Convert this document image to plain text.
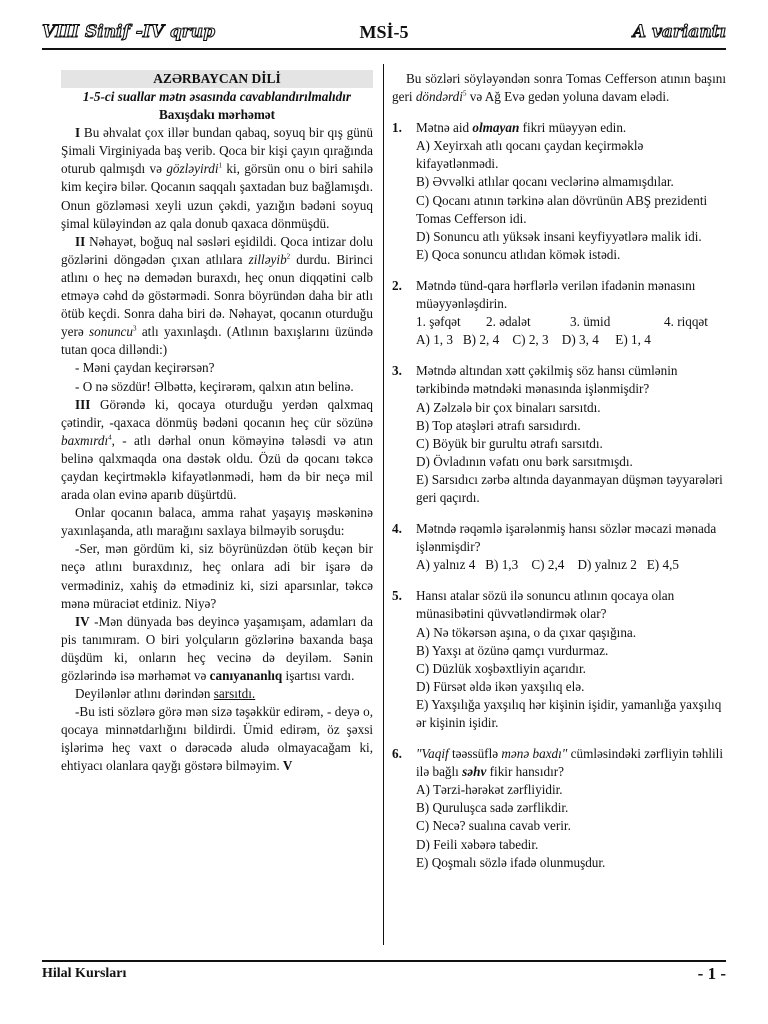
VIII Sinif -IV qrup	MSİ-5	A variantı
AZƏRBAYCAN DİLİ
1-5-ci suallar mətn əsasında cavablandırılmalıdır
Baxışdakı mərhəmət

I Bu əhvalat çox illər bundan qabaq, soyuq bir qış günü Şimali Virginiyada baş verib. Qoca bir kişi çayın qırağında oturub qalmışdı və gözləyirdi$^1$ ki, görsün onu o biri sahilə kim keçirə bilər. Qocanın saqqalı şaxtadan buz bağlamışdı. Onun gözləməsi xeyli uzun çəkdi, yazığın bədəni soyuq şimal küləyindən az qala donub qaxaca dönmüşdü.

II Nəhayət, boğuq nal səsləri eşidildi. Qoca intizar dolu gözlərini döngədən çıxan atlılara zilləyib$^2$ durdu. Birinci atlını o heç nə demədən buraxdı, heç onun diqqətini cəlb etməyə cəhd də göstərmədi. Sonra böyründən daha bir atlı ötüb keçdi. Sonra daha biri də. Nəhayət, qocanın oturduğu yerə sonuncu$^3$ atlı yaxınlaşdı. (Atlının baxışlarını üzündə tutan qoca dilləndi:)

- Məni çaydan keçirərsən?

- O nə sözdür! Əlbəttə, keçirərəm, qalxın atın belinə.

III Görəndə ki, qocaya oturduğu yerdən qalxmaq çətindir, -qaxaca dönmüş bədəni qocanın heç cür sözünə baxmırdı$^4$, - atlı dərhal onun köməyinə tələsdi və atın belinə qalxmaqda ona dəstək oldu. Özü də qocanı təkcə çaydan keçirtməklə kifayətlənmədi, həm də bir neçə mil arada olan evinə aparıb düşürtdü.

Onlar qocanın balaca, amma rahat yaşayış məskəninə yaxınlaşanda, atlı marağını saxlaya bilməyib soruşdu:

-Ser, mən gördüm ki, siz böyrünüzdən ötüb keçən bir neçə atlını buraxdınız, heç onlara adi bir işarə də vermədiniz, xahiş də etmədiniz ki, sizi aparsınlar, təkcə mənə müraciət etdiniz. Niyə?

IV -Mən dünyada bəs deyincə yaşamışam, adamları da pis tanımıram. O biri yolçuların gözlərinə baxanda başa düşdüm ki, onların heç vecinə də deyiləm. Sənin gözlərində isə mərhəmət və canıyananlıq işartısı vardı.

Deyilənlər atlını dərindən sarsıtdı.

-Bu isti sözlərə görə mən sizə təşəkkür edirəm, - deyə o, qocaya minnətdarlığını bildirdi. Ümid edirəm, öz şəxsi işlərimə heç vaxt o dərəcədə aludə olmayacağam ki, ehtiyacı olanlara qayğı göstərə bilməyim. V

Bu sözləri söyləyəndən sonra Tomas Cefferson atının başını geri döndərdi$^5$ və Ağ Evə gedən yoluna davam elədi.

1. Mətnə aid olmayan fikri müəyyən edin.
A) Xeyirxah atlı qocanı çaydan keçirməklə kifayətlənmədi.
B) Əvvəlki atlılar qocanı veclərinə almamışdılar.
C) Qocanı atının tərkinə alan dövrünün ABŞ prezidenti Tomas Cefferson idi.
D) Sonuncu atlı yüksək insani keyfiyyətlərə malik idi.
E) Qoca sonuncu atlıdan kömək istədi.
2. Mətndə tünd-qara hərflərlə verilən ifadənin mənasını müəyyənləşdirin.
1. şəfqət 2. ədalət	3. ümid	4. riqqət
A) 1, 3 B) 2, 4 C) 2, 3 D) 3, 4 E) 1, 4
3. Mətndə altından xətt çəkilmiş söz hansı cümlənin tərkibində mətndəki mənasında işlənmişdir?
A) Zəlzələ bir çox binaları sarsıtdı.
B) Top atəşləri ətrafı sarsıdırdı.
C) Böyük bir gurultu ətrafı sarsıtdı.
D) Övladının vəfatı onu bərk sarsıtmışdı.
E) Sarsıdıcı zərbə altında dayanmayan düşmən təyyarələri geri qaçırdı.
4. Mətndə rəqəmlə işarələnmiş hansı sözlər məcazi mənada işlənmişdir?
A) yalnız 4 B) 1,3 C) 2,4 D) yalnız 2 E) 4,5
5. Hansı atalar sözü ilə sonuncu atlının qocaya olan münasibətini qüvvətləndirmək olar?
A) Nə tökərsən aşına, o da çıxar qaşığına.
B) Yaxşı at özünə qamçı vurdurmaz.
C) Düzlük xoşbəxtliyin açarıdır.
D) Fürsət əldə ikən yaxşılıq elə.
E) Yaxşılığa yaxşılıq hər kişinin işidir, yamanlığa yaxşılıq ər kişinin işidir.
6. "Vaqif təəssüflə mənə baxdı" cümləsindəki zərfliyin təhlili ilə bağlı səhv fikir hansıdır?
A) Tərzi-hərəkət zərfliyidir.
B) Quruluşca sadə zərflikdir.
C) Necə? sualına cavab verir.
D) Feili xəbərə tabedir.
E) Qoşmalı sözlə ifadə olunmuşdur.
Hilal Kursları	- 1 -
